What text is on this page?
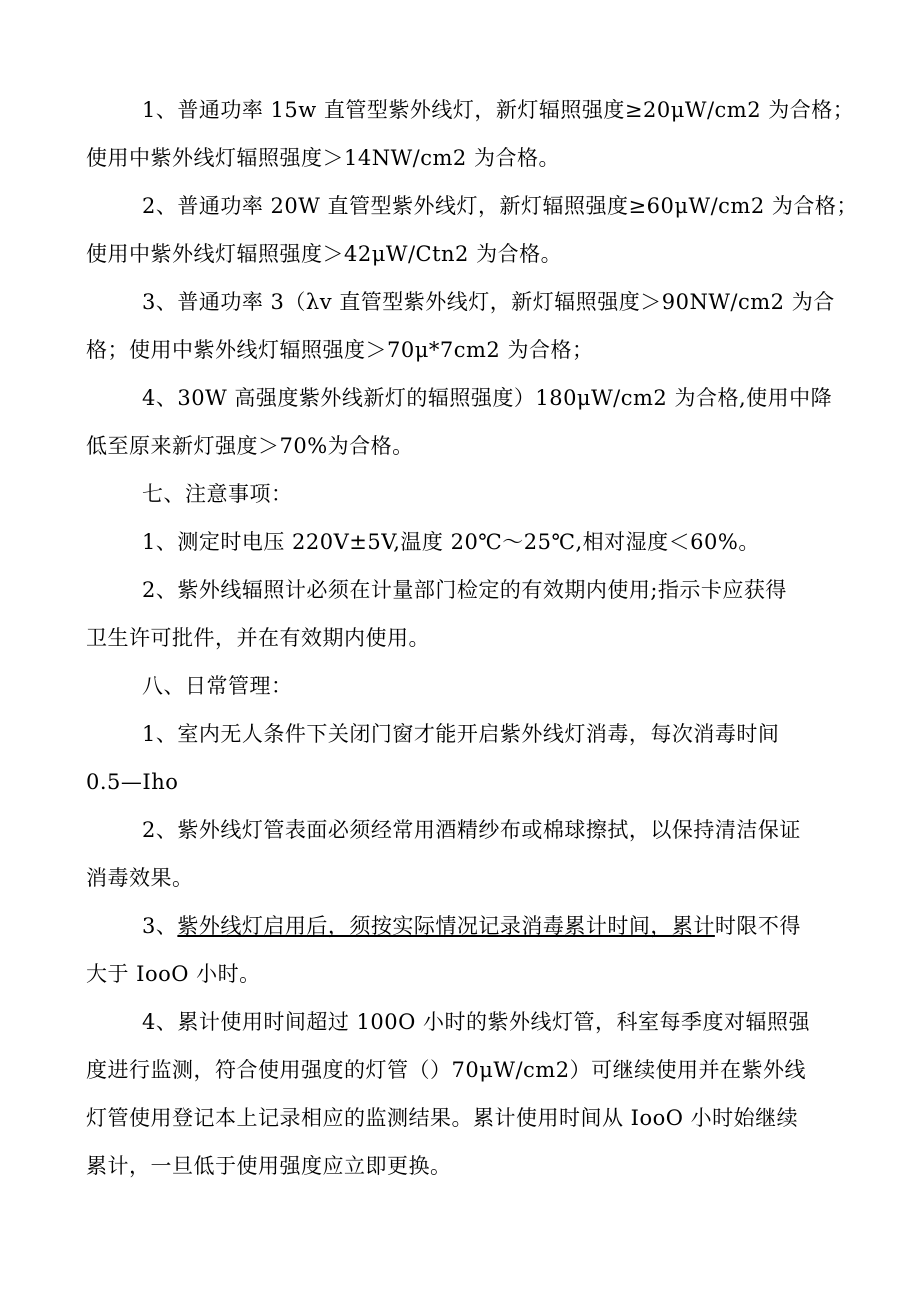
1、普通功率 15w 直管型紫外线灯，新灯辐照强度≥20μW/cm2 为合格；
使用中紫外线灯辐照强度＞14NW/cm2 为合格。

2、普通功率 20W 直管型紫外线灯，新灯辐照强度≥60μW/cm2 为合格；
使用中紫外线灯辐照强度＞42μW/Ctn2 为合格。

3、普通功率 3（λv 直管型紫外线灯，新灯辐照强度＞90NW/cm2 为合
格；使用中紫外线灯辐照强度＞70μ*7cm2 为合格；

4、30W 高强度紫外线新灯的辐照强度）180μW/cm2 为合格,使用中降
低至原来新灯强度＞70%为合格。

七、注意事项：

1、测定时电压 220V±5V,温度 20℃～25℃,相对湿度＜60%。

2、紫外线辐照计必须在计量部门检定的有效期内使用;指示卡应获得
卫生许可批件，并在有效期内使用。

八、日常管理：

1、室内无人条件下关闭门窗才能开启紫外线灯消毒，每次消毒时间
0.5—Iho

2、紫外线灯管表面必须经常用酒精纱布或棉球擦拭，以保持清洁保证
消毒效果。

3、紫外线灯启用后，须按实际情况记录消毒累计时间，累计时限不得
大于 IooO 小时。

4、累计使用时间超过 100O 小时的紫外线灯管，科室每季度对辐照强
度进行监测，符合使用强度的灯管（）70μW/cm2）可继续使用并在紫外线
灯管使用登记本上记录相应的监测结果。累计使用时间从 IooO 小时始继续
累计，一旦低于使用强度应立即更换。
